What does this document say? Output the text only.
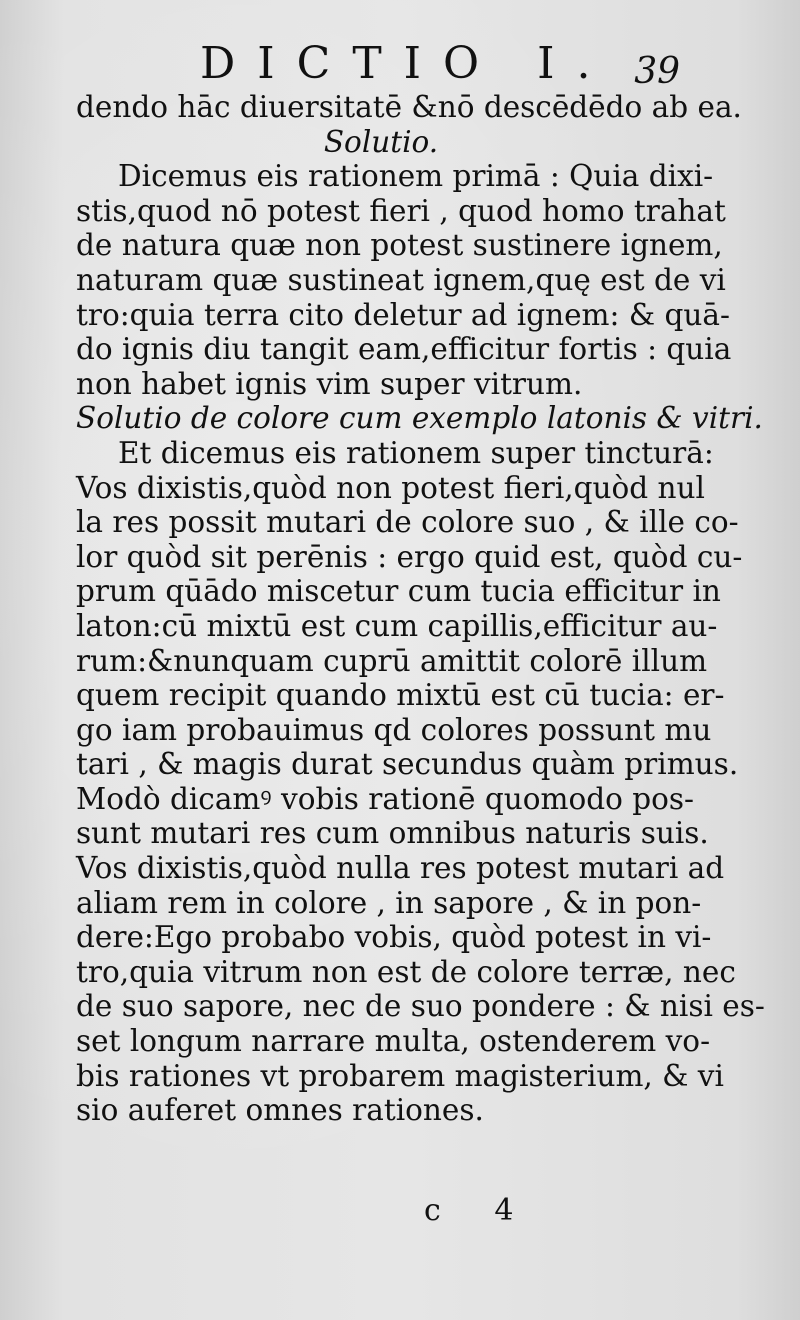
DICTIO I. 39
dendo hāc diuersitatē &nō descēdēdo ab ea.
Solutio.
Dicemus eis rationem primā : Quia dixi-
stis,quod nō potest fieri , quod homo trahat
de natura quæ non potest sustinere ignem,
naturam quæ sustineat ignem,quę est de vi
tro:quia terra cito deletur ad ignem: & quā-
do ignis diu tangit eam,efficitur fortis : quia
non habet ignis vim super vitrum.
Solutio de colore cum exemplo latonis & vitri.
Et dicemus eis rationem super tincturā:
Vos dixistis,quòd non potest fieri,quòd nul
la res possit mutari de colore suo , & ille co-
lor quòd sit perēnis : ergo quid est, quòd cu-
prum qūādo miscetur cum tucia efficitur in
laton:cū mixtū est cum capillis,efficitur au-
rum:&nunquam cuprū amittit colorē illum
quem recipit quando mixtū est cū tucia: er-
go iam probauimus qd colores possunt mu
tari , & magis durat secundus quàm primus.
Modò dicamꝰ vobis rationē quomodo pos-
sunt mutari res cum omnibus naturis suis.
Vos dixistis,quòd nulla res potest mutari ad
aliam rem in colore , in sapore , & in pon-
dere:Ego probabo vobis, quòd potest in vi-
tro,quia vitrum non est de colore terræ, nec
de suo sapore, nec de suo pondere : & nisi es-
set longum narrare multa, ostenderem vo-
bis rationes vt probarem magisterium, & vi
sio auferet omnes rationes.
c 4
